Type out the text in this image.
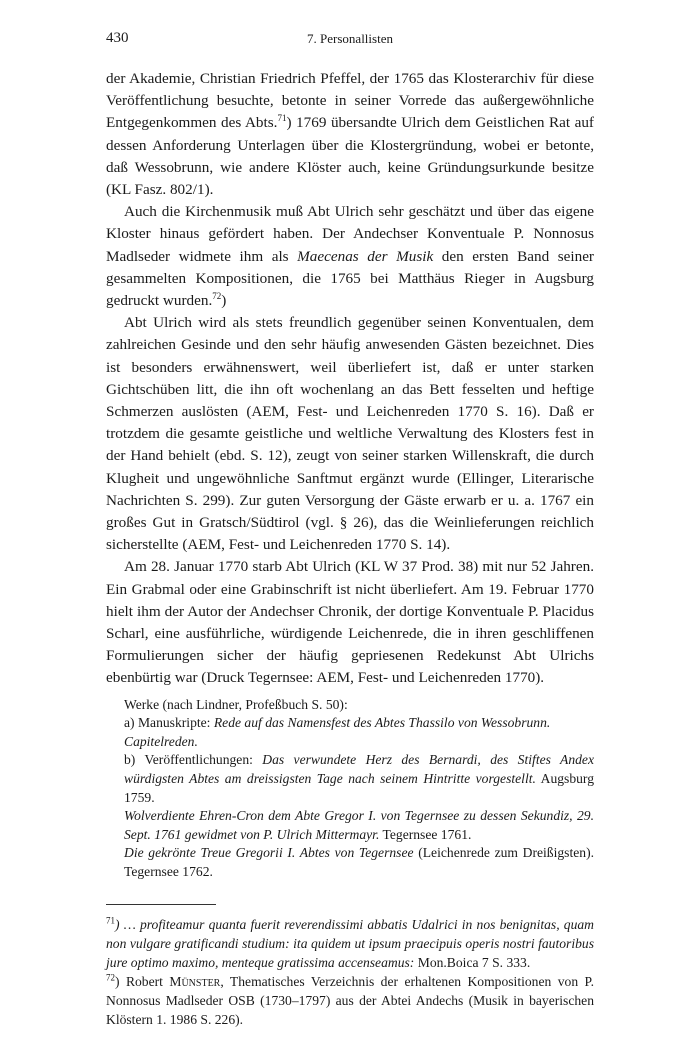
430	7. Personallisten

der Akademie, Christian Friedrich Pfeffel, der 1765 das Klosterarchiv für diese Veröffentlichung besuchte, betonte in seiner Vorrede das außergewöhnliche Entgegenkommen des Abts.$^{71}$) 1769 übersandte Ulrich dem Geistlichen Rat auf dessen Anforderung Unterlagen über die Klostergründung, wobei er betonte, daß Wessobrunn, wie andere Klöster auch, keine Gründungsurkunde besitze (KL Fasz. 802/1).

Auch die Kirchenmusik muß Abt Ulrich sehr geschätzt und über das eigene Kloster hinaus gefördert haben. Der Andechser Konventuale P. Nonnosus Madlseder widmete ihm als Maecenas der Musik den ersten Band seiner gesammelten Kompositionen, die 1765 bei Matthäus Rieger in Augsburg gedruckt wurden.$^{72}$)

Abt Ulrich wird als stets freundlich gegenüber seinen Konventualen, dem zahlreichen Gesinde und den sehr häufig anwesenden Gästen bezeichnet. Dies ist besonders erwähnenswert, weil überliefert ist, daß er unter starken Gichtschüben litt, die ihn oft wochenlang an das Bett fesselten und heftige Schmerzen auslösten (AEM, Fest- und Leichenreden 1770 S. 16). Daß er trotzdem die gesamte geistliche und weltliche Verwaltung des Klosters fest in der Hand behielt (ebd. S. 12), zeugt von seiner starken Willenskraft, die durch Klugheit und ungewöhnliche Sanftmut ergänzt wurde (Ellinger, Literarische Nachrichten S. 299). Zur guten Versorgung der Gäste erwarb er u. a. 1767 ein großes Gut in Gratsch/Südtirol (vgl. § 26), das die Weinlieferungen reichlich sicherstellte (AEM, Fest- und Leichenreden 1770 S. 14).

Am 28. Januar 1770 starb Abt Ulrich (KL W 37 Prod. 38) mit nur 52 Jahren. Ein Grabmal oder eine Grabinschrift ist nicht überliefert. Am 19. Februar 1770 hielt ihm der Autor der Andechser Chronik, der dortige Konventuale P. Placidus Scharl, eine ausführliche, würdigende Leichenrede, die in ihren geschliffenen Formulierungen sicher der häufig gepriesenen Redekunst Abt Ulrichs ebenbürtig war (Druck Tegernsee: AEM, Fest- und Leichenreden 1770).

Werke (nach Lindner, Profeßbuch S. 50):
a) Manuskripte: Rede auf das Namensfest des Abtes Thassilo von Wessobrunn.
Capitelreden.
b) Veröffentlichungen: Das verwundete Herz des Bernardi, des Stiftes Andex würdigsten Abtes am dreissigsten Tage nach seinem Hintritte vorgestellt. Augsburg 1759.
Wolverdiente Ehren-Cron dem Abte Gregor I. von Tegernsee zu dessen Sekundiz, 29. Sept. 1761 gewidmet von P. Ulrich Mittermayr. Tegernsee 1761.
Die gekrönte Treue Gregorii I. Abtes von Tegernsee (Leichenrede zum Dreißigsten). Tegernsee 1762.

$^{71}$) … profiteamur quanta fuerit reverendissimi abbatis Udalrici in nos benignitas, quam non vulgare gratificandi studium: ita quidem ut ipsum praecipuis operis nostri fautoribus jure optimo maximo, menteque gratissima accenseamus: Mon.Boica 7 S. 333.

$^{72}$) Robert Münster, Thematisches Verzeichnis der erhaltenen Kompositionen von P. Nonnosus Madlseder OSB (1730–1797) aus der Abtei Andechs (Musik in bayerischen Klöstern 1. 1986 S. 226).
